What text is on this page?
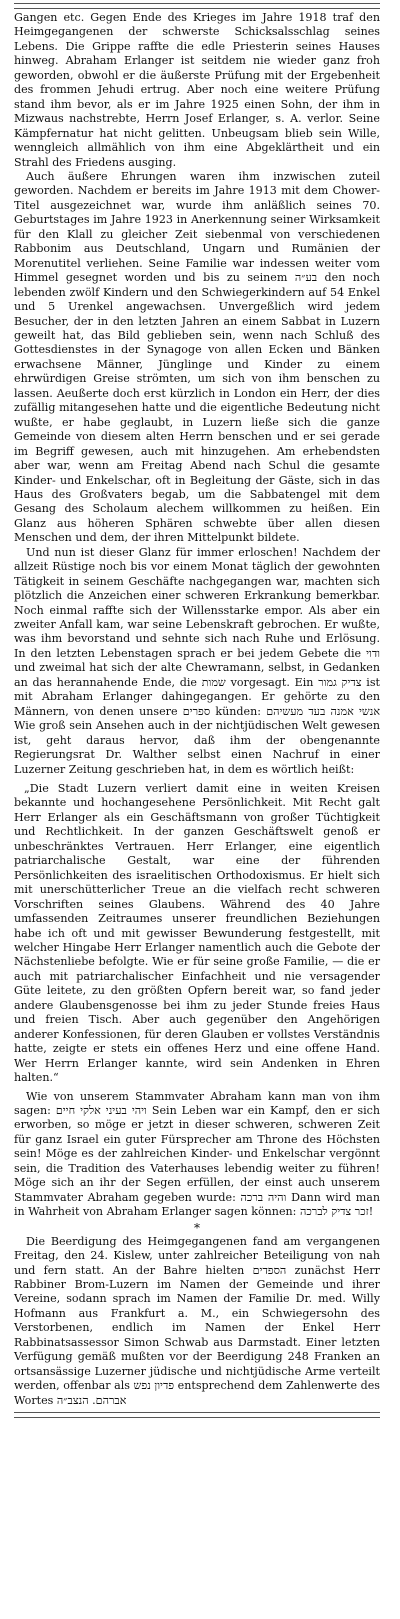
Gangen etc. Gegen Ende des Krieges im Jahre 1918 traf den Heimgegangenen der schwerste Schicksalsschlag seines Lebens. Die Grippe raffte die edle Priesterin seines Hauses hinweg. Abraham Erlanger ist seitdem nie wieder ganz froh geworden, obwohl er die äußerste Prüfung mit der Ergebenheit des frommen Jehudi ertrug. Aber noch eine weitere Prüfung stand ihm bevor, als er im Jahre 1925 einen Sohn, der ihm in Mizwaus nachstrebte, Herrn Josef Erlanger, s. A. verlor. Seine Kämpfernatur hat nicht gelitten. Unbeugsam blieb sein Wille, wenngleich allmählich von ihm eine Abgeklärtheit und ein Strahl des Friedens ausging.

Auch äußere Ehrungen waren ihm inzwischen zuteil geworden. Nachdem er bereits im Jahre 1913 mit dem Chower-Titel ausgezeichnet war, wurde ihm anläßlich seines 70. Geburtstages im Jahre 1923 in Anerkennung seiner Wirksamkeit für den Klall zu gleicher Zeit siebenmal von verschiedenen Rabbonim aus Deutschland, Ungarn und Rumänien der Morenutitel verliehen. Seine Familie war indessen weiter vom Himmel gesegnet worden und bis zu seinem בע״ה den noch lebenden zwölf Kindern und den Schwiegerkindern auf 54 Enkel und 5 Urenkel angewachsen. Unvergeßlich wird jedem Besucher, der in den letzten Jahren an einem Sabbat in Luzern geweilt hat, das Bild geblieben sein, wenn nach Schluß des Gottesdienstes in der Synagoge von allen Ecken und Bänken erwachsene Männer, Jünglinge und Kinder zu einem ehrwürdigen Greise strömten, um sich von ihm benschen zu lassen. Aeußerte doch erst kürzlich in London ein Herr, der dies zufällig mitangesehen hatte und die eigentliche Bedeutung nicht wußte, er habe geglaubt, in Luzern ließe sich die ganze Gemeinde von diesem alten Herrn benschen und er sei gerade im Begriff gewesen, auch mit hinzugehen. Am erhebendsten aber war, wenn am Freitag Abend nach Schul die gesamte Kinder- und Enkelschar, oft in Begleitung der Gäste, sich in das Haus des Großvaters begab, um die Sabbatengel mit dem Gesang des Scholaum alechem willkommen zu heißen. Ein Glanz aus höheren Sphären schwebte über allen diesen Menschen und dem, der ihren Mittelpunkt bildete.

Und nun ist dieser Glanz für immer erloschen! Nachdem der allzeit Rüstige noch bis vor einem Monat täglich der gewohnten Tätigkeit in seinem Geschäfte nachgegangen war, machten sich plötzlich die Anzeichen einer schweren Erkrankung bemerkbar. Noch einmal raffte sich der Willensstarke empor. Als aber ein zweiter Anfall kam, war seine Lebenskraft gebrochen. Er wußte, was ihm bevorstand und sehnte sich nach Ruhe und Erlösung. In den letzten Lebenstagen sprach er bei jedem Gebete die ודוי und zweimal hat sich der alte Chewramann, selbst, in Gedanken an das herannahende Ende, die שמות vorgesagt. Ein צדיק גמור ist mit Abraham Erlanger dahingegangen. Er gehörte zu den Männern, von denen unsere ספרים künden: אנשי אמנה בעד מעשיהם Wie groß sein Ansehen auch in der nichtjüdischen Welt gewesen ist, geht daraus hervor, daß ihm der obengenannte Regierungsrat Dr. Walther selbst einen Nachruf in einer Luzerner Zeitung geschrieben hat, in dem es wörtlich heißt:

„Die Stadt Luzern verliert damit eine in weiten Kreisen bekannte und hochangesehene Persönlichkeit. Mit Recht galt Herr Erlanger als ein Geschäftsmann von großer Tüchtigkeit und Rechtlichkeit. In der ganzen Geschäftswelt genoß er unbeschränktes Vertrauen. Herr Erlanger, eine eigentlich patriarchalische Gestalt, war eine der führenden Persönlichkeiten des israelitischen Orthodoxismus. Er hielt sich mit unerschütterlicher Treue an die vielfach recht schweren Vorschriften seines Glaubens. Während des 40 Jahre umfassenden Zeitraumes unserer freundlichen Beziehungen habe ich oft und mit gewisser Bewunderung festgestellt, mit welcher Hingabe Herr Erlanger namentlich auch die Gebote der Nächstenliebe befolgte. Wie er für seine große Familie, — die er auch mit patriarchalischer Einfachheit und nie versagender Güte leitete, zu den größten Opfern bereit war, so fand jeder andere Glaubensgenosse bei ihm zu jeder Stunde freies Haus und freien Tisch. Aber auch gegenüber den Angehörigen anderer Konfessionen, für deren Glauben er vollstes Verständnis hatte, zeigte er stets ein offenes Herz und eine offene Hand. Wer Herrn Erlanger kannte, wird sein Andenken in Ehren halten.“

Wie von unserem Stammvater Abraham kann man von ihm sagen: ויהי בעיני אלקי חיים Sein Leben war ein Kampf, den er sich erworben, so möge er jetzt in dieser schweren, schweren Zeit für ganz Israel ein guter Fürsprecher am Throne des Höchsten sein! Möge es der zahlreichen Kinder- und Enkelschar vergönnt sein, die Tradition des Vaterhauses lebendig weiter zu führen! Möge sich an ihr der Segen erfüllen, der einst auch unserem Stammvater Abraham gegeben wurde: והיה ברכה Dann wird man in Wahrheit von Abraham Erlanger sagen können: זכר צדיק לברכה!

*

Die Beerdigung des Heimgegangenen fand am vergangenen Freitag, den 24. Kislew, unter zahlreicher Beteiligung von nah und fern statt. An der Bahre hielten הספדים zunächst Herr Rabbiner Brom-Luzern im Namen der Gemeinde und ihrer Vereine, sodann sprach im Namen der Familie Dr. med. Willy Hofmann aus Frankfurt a. M., ein Schwiegersohn des Verstorbenen, endlich im Namen der Enkel Herr Rabbinatsassessor Simon Schwab aus Darmstadt. Einer letzten Verfügung gemäß mußten vor der Beerdigung 248 Franken an ortsansässige Luzerner jüdische und nichtjüdische Arme verteilt werden, offenbar als פדיון נפש entsprechend dem Zahlenwerte des Wortes אברהם. הנצב״ה
